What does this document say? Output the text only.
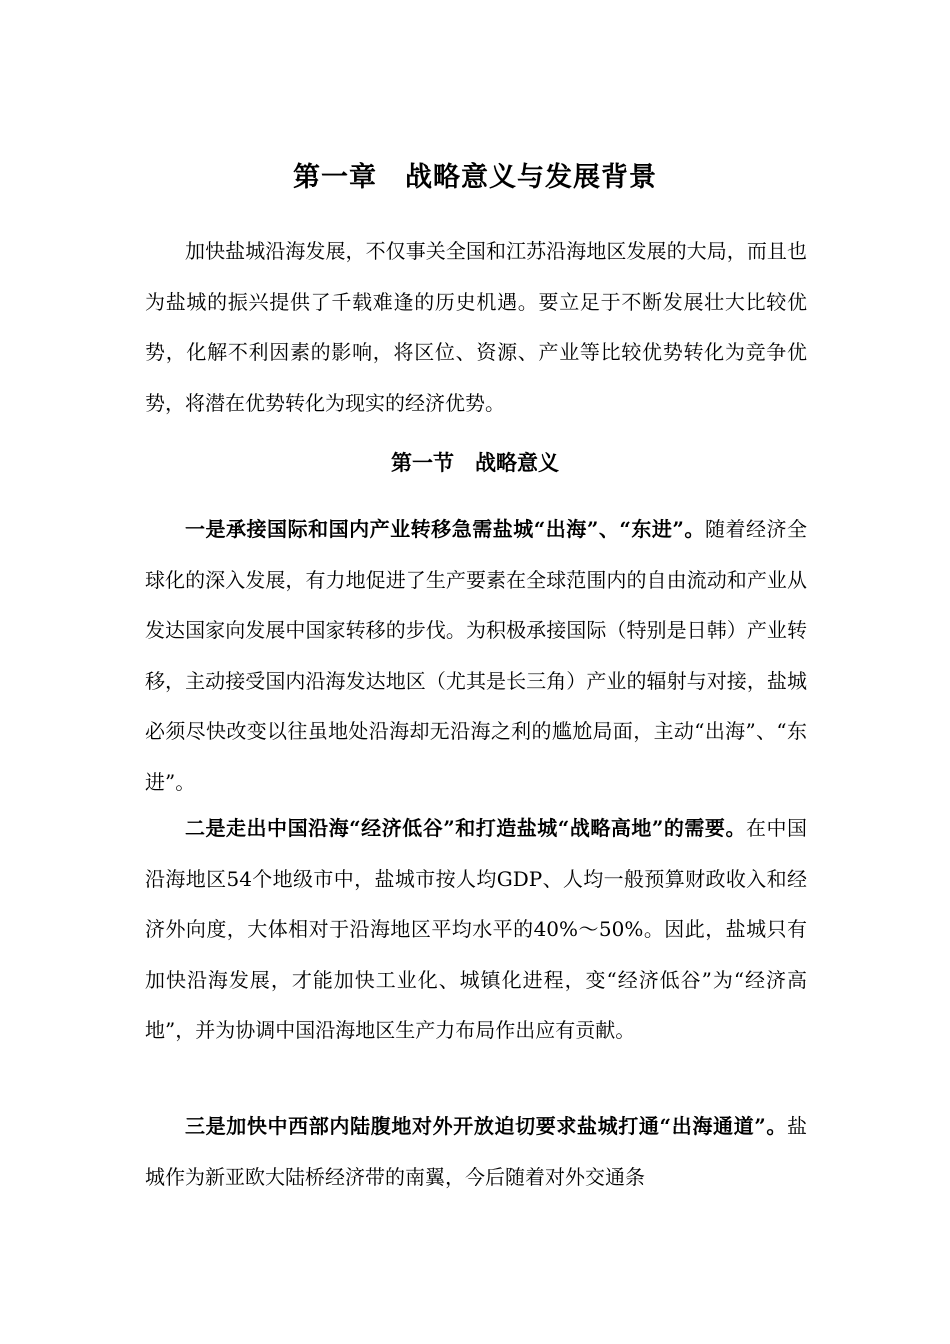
第一章　战略意义与发展背景

加快盐城沿海发展，不仅事关全国和江苏沿海地区发展的大局，而且也为盐城的振兴提供了千载难逢的历史机遇。要立足于不断发展壮大比较优势，化解不利因素的影响，将区位、资源、产业等比较优势转化为竞争优势，将潜在优势转化为现实的经济优势。

第一节　战略意义

一是承接国际和国内产业转移急需盐城“出海”、“东进”。随着经济全球化的深入发展，有力地促进了生产要素在全球范围内的自由流动和产业从发达国家向发展中国家转移的步伐。为积极承接国际（特别是日韩）产业转移，主动接受国内沿海发达地区（尤其是长三角）产业的辐射与对接，盐城必须尽快改变以往虽地处沿海却无沿海之利的尴尬局面，主动“出海”、“东进”。

二是走出中国沿海“经济低谷”和打造盐城“战略高地”的需要。在中国沿海地区54个地级市中，盐城市按人均GDP、人均一般预算财政收入和经济外向度，大体相对于沿海地区平均水平的40%～50%。因此，盐城只有加快沿海发展，才能加快工业化、城镇化进程，变“经济低谷”为“经济高地”，并为协调中国沿海地区生产力布局作出应有贡献。

三是加快中西部内陆腹地对外开放迫切要求盐城打通“出海通道”。盐城作为新亚欧大陆桥经济带的南翼，今后随着对外交通条
